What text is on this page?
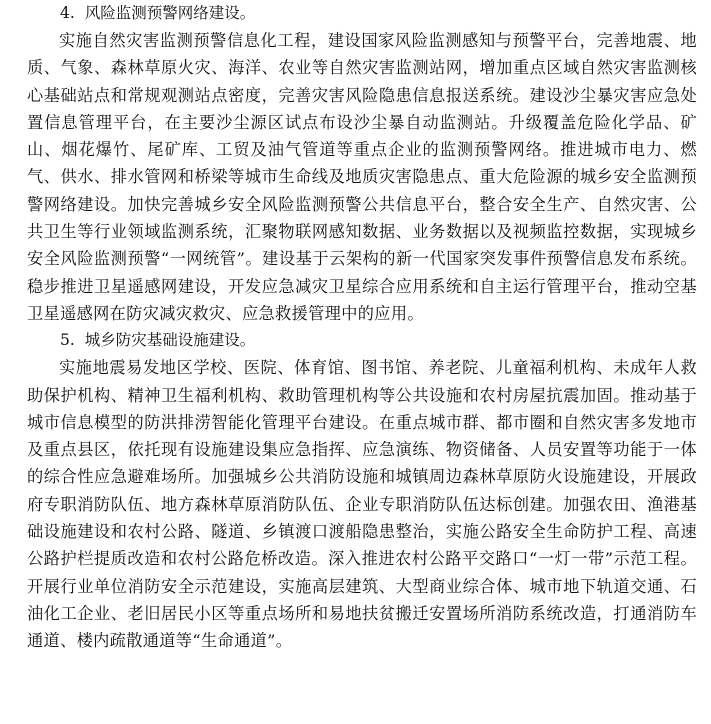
4. 风险监测预警网络建设。

实施自然灾害监测预警信息化工程，建设国家风险监测感知与预警平台，完善地震、地质、气象、森林草原火灾、海洋、农业等自然灾害监测站网，增加重点区域自然灾害监测核心基础站点和常规观测站点密度，完善灾害风险隐患信息报送系统。建设沙尘暴灾害应急处置信息管理平台，在主要沙尘源区试点布设沙尘暴自动监测站。升级覆盖危险化学品、矿山、烟花爆竹、尾矿库、工贸及油气管道等重点企业的监测预警网络。推进城市电力、燃气、供水、排水管网和桥梁等城市生命线及地质灾害隐患点、重大危险源的城乡安全监测预警网络建设。加快完善城乡安全风险监测预警公共信息平台，整合安全生产、自然灾害、公共卫生等行业领域监测系统，汇聚物联网感知数据、业务数据以及视频监控数据，实现城乡安全风险监测预警“一网统管”。建设基于云架构的新一代国家突发事件预警信息发布系统。稳步推进卫星遥感网建设，开发应急减灾卫星综合应用系统和自主运行管理平台，推动空基卫星遥感网在防灾减灾救灾、应急救援管理中的应用。

5. 城乡防灾基础设施建设。

实施地震易发地区学校、医院、体育馆、图书馆、养老院、儿童福利机构、未成年人救助保护机构、精神卫生福利机构、救助管理机构等公共设施和农村房屋抗震加固。推动基于城市信息模型的防洪排涝智能化管理平台建设。在重点城市群、都市圈和自然灾害多发地市及重点县区，依托现有设施建设集应急指挥、应急演练、物资储备、人员安置等功能于一体的综合性应急避难场所。加强城乡公共消防设施和城镇周边森林草原防火设施建设，开展政府专职消防队伍、地方森林草原消防队伍、企业专职消防队伍达标创建。加强农田、渔港基础设施建设和农村公路、隧道、乡镇渡口渡船隐患整治，实施公路安全生命防护工程、高速公路护栏提质改造和农村公路危桥改造。深入推进农村公路平交路口“一灯一带”示范工程。开展行业单位消防安全示范建设，实施高层建筑、大型商业综合体、城市地下轨道交通、石油化工企业、老旧居民小区等重点场所和易地扶贫搬迁安置场所消防系统改造，打通消防车通道、楼内疏散通道等“生命通道”。
